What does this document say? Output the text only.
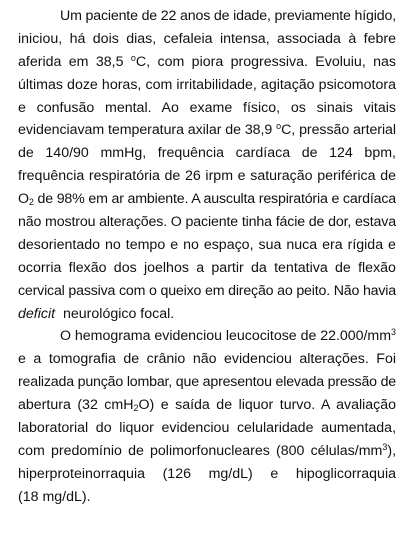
Um paciente de 22 anos de idade, previamente hígido,
iniciou, há dois dias, cefaleia intensa, associada à febre
aferida em 38,5 $^o$C, com piora progressiva. Evoluiu, nas
últimas doze horas, com irritabilidade, agitação psicomotora
e confusão mental. Ao exame físico, os sinais vitais
evidenciavam temperatura axilar de 38,9 $^o$C, pressão arterial
de 140/90 mmHg, frequência cardíaca de 124 bpm,
frequência respiratória de 26 irpm e saturação periférica de
$O_2$ de 98% em ar ambiente. A ausculta respiratória e cardíaca
não mostrou alterações. O paciente tinha fácie de dor, estava
desorientado no tempo e no espaço, sua nuca era rígida e
ocorria flexão dos joelhos a partir da tentativa de flexão
cervical passiva com o queixo em direção ao peito. Não havia
deficit neurológico focal.
O hemograma evidenciou leucocitose de $22.000/mm^3$
e a tomografia de crânio não evidenciou alterações. Foi
realizada punção lombar, que apresentou elevada pressão de
abertura (32 cmH$_2$O) e saída de liquor turvo. A avaliação
laboratorial do liquor evidenciou celularidade aumentada,
com predomínio de polimorfonucleares (800 células/$mm^3$),
hiperproteinorraquia (126 mg/dL) e hipoglicorraquia
(18 mg/dL).
